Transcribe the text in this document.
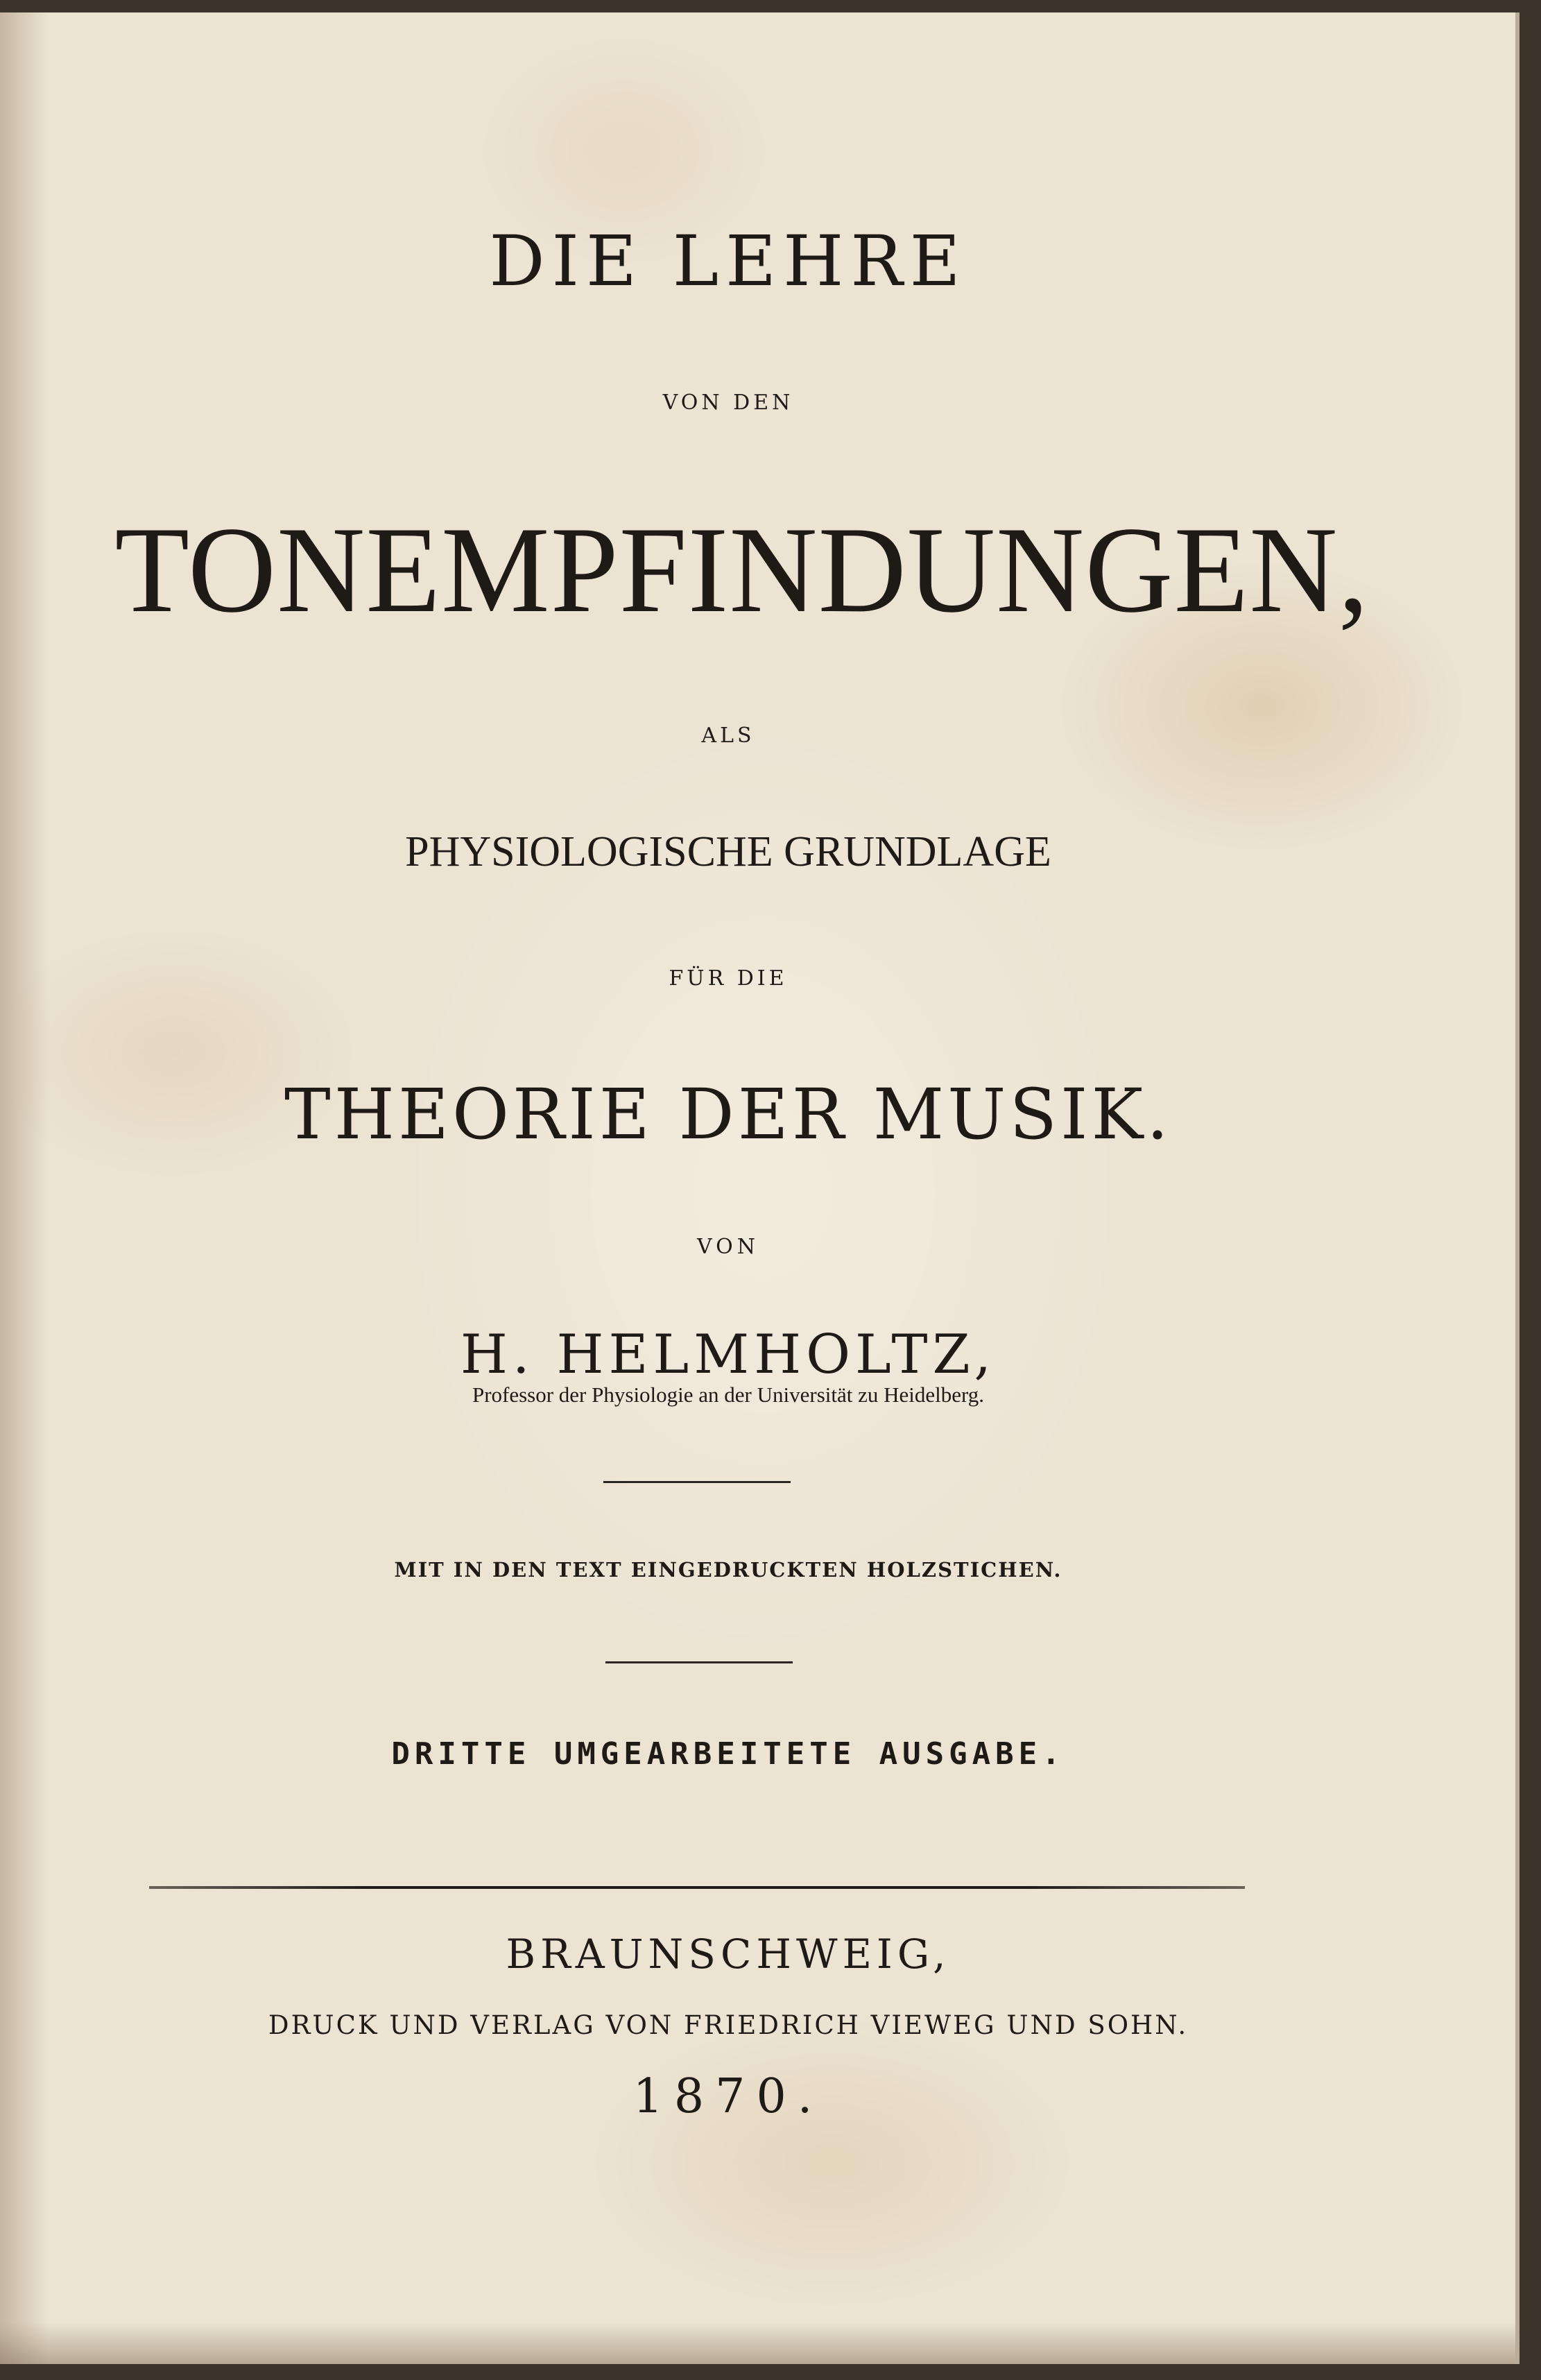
DIE LEHRE
VON DEN
TONEMPFINDUNGEN,
ALS
PHYSIOLOGISCHE GRUNDLAGE
FÜR DIE
THEORIE DER MUSIK.
VON
H. HELMHOLTZ,
Professor der Physiologie an der Universität zu Heidelberg.
MIT IN DEN TEXT EINGEDRUCKTEN HOLZSTICHEN.
DRITTE UMGEARBEITETE AUSGABE.
BRAUNSCHWEIG,
DRUCK UND VERLAG VON FRIEDRICH VIEWEG UND SOHN.
1870.
